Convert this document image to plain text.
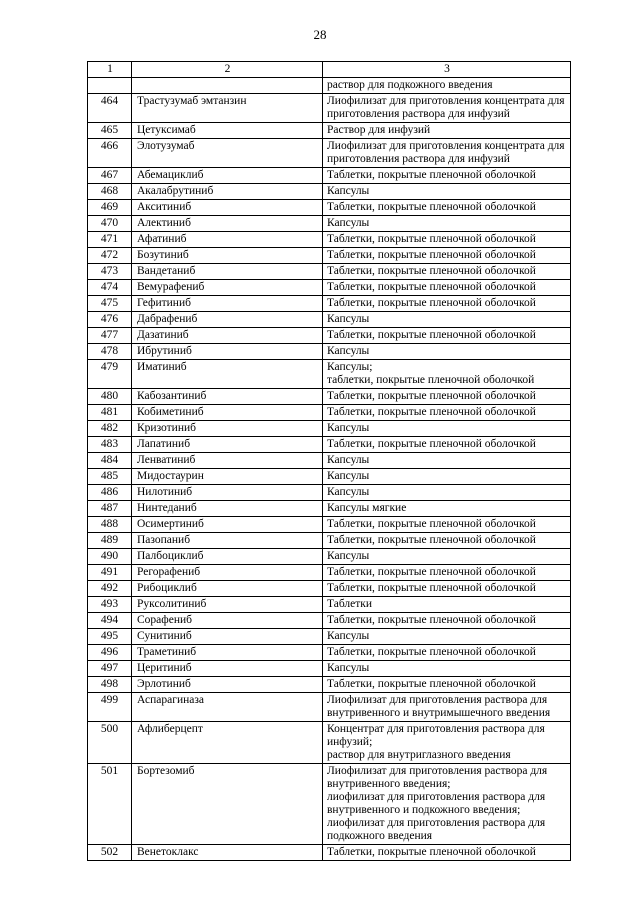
28
1	2	3
		раствор для подкожного введения
464	Трастузумаб эмтанзин	Лиофилизат для приготовления концентрата для приготовления раствора для инфузий

465	Цетуксимаб	Раствор для инфузий

466	Элотузумаб	Лиофилизат для приготовления концентрата для приготовления раствора для инфузий

467	Абемациклиб	Таблетки, покрытые пленочной оболочкой

468	Акалабрутиниб	Капсулы

469	Акситиниб	Таблетки, покрытые пленочной оболочкой

470	Алектиниб	Капсулы

471	Афатиниб	Таблетки, покрытые пленочной оболочкой

472	Бозутиниб	Таблетки, покрытые пленочной оболочкой

473	Вандетаниб	Таблетки, покрытые пленочной оболочкой

474	Вемурафениб	Таблетки, покрытые пленочной оболочкой

475	Гефитиниб	Таблетки, покрытые пленочной оболочкой

476	Дабрафениб	Капсулы

477	Дазатиниб	Таблетки, покрытые пленочной оболочкой

478	Ибрутиниб	Капсулы

479	Иматиниб	Капсулы;
таблетки, покрытые пленочной оболочкой

480	Кабозантиниб	Таблетки, покрытые пленочной оболочкой

481	Кобиметиниб	Таблетки, покрытые пленочной оболочкой

482	Кризотиниб	Капсулы

483	Лапатиниб	Таблетки, покрытые пленочной оболочкой

484	Ленватиниб	Капсулы

485	Мидостаурин	Капсулы

486	Нилотиниб	Капсулы

487	Нинтеданиб	Капсулы мягкие

488	Осимертиниб	Таблетки, покрытые пленочной оболочкой

489	Пазопаниб	Таблетки, покрытые пленочной оболочкой

490	Палбоциклиб	Капсулы

491	Регорафениб	Таблетки, покрытые пленочной оболочкой

492	Рибоциклиб	Таблетки, покрытые пленочной оболочкой

493	Руксолитиниб	Таблетки

494	Сорафениб	Таблетки, покрытые пленочной оболочкой

495	Сунитиниб	Капсулы

496	Траметиниб	Таблетки, покрытые пленочной оболочкой

497	Церитиниб	Капсулы

498	Эрлотиниб	Таблетки, покрытые пленочной оболочкой

499	Аспарагиназа	Лиофилизат для приготовления раствора для внутривенного и внутримышечного введения

500	Афлиберцепт	Концентрат для приготовления раствора для инфузий;
раствор для внутриглазного введения

501	Бортезомиб	Лиофилизат для приготовления раствора для внутривенного введения;
лиофилизат для приготовления раствора для внутривенного и подкожного введения;
лиофилизат для приготовления раствора для подкожного введения

502	Венетоклакс	Таблетки, покрытые пленочной оболочкой
